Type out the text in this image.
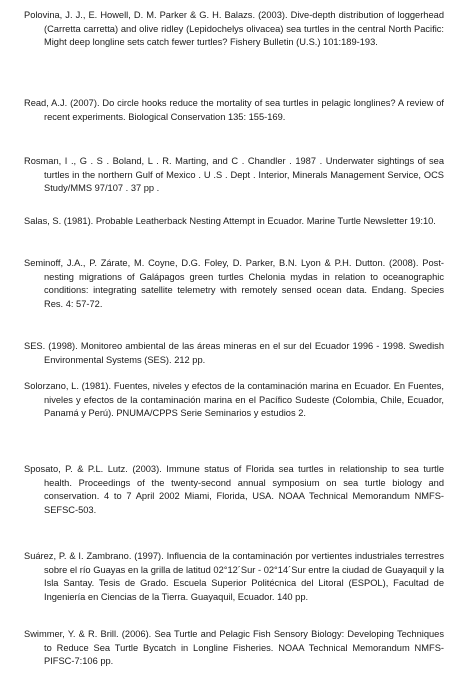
Polovina, J. J., E. Howell, D. M. Parker & G. H. Balazs. (2003). Dive-depth distribution of loggerhead (Carretta carretta) and olive ridley (Lepidochelys olivacea) sea turtles in the central North Pacific: Might deep longline sets catch fewer turtles? Fishery Bulletin (U.S.) 101:189-193.

Read, A.J. (2007). Do circle hooks reduce the mortality of sea turtles in pelagic longlines? A review of recent experiments. Biological Conservation 135: 155-169.

Rosman, I ., G . S . Boland, L . R. Marting, and C . Chandler . 1987 . Underwater sightings of sea turtles in the northern Gulf of Mexico . U .S . Dept . Interior, Minerals Management Service, OCS Study/MMS 97/107 . 37 pp .

Salas, S. (1981). Probable Leatherback Nesting Attempt in Ecuador. Marine Turtle Newsletter 19:10.

Seminoff, J.A., P. Zárate, M. Coyne, D.G. Foley, D. Parker, B.N. Lyon & P.H. Dutton. (2008). Post-nesting migrations of Galápagos green turtles Chelonia mydas in relation to oceanographic conditions: integrating satellite telemetry with remotely sensed ocean data. Endang. Species Res. 4: 57-72.

SES. (1998). Monitoreo ambiental de las áreas mineras en el sur del Ecuador 1996 - 1998. Swedish Environmental Systems (SES). 212 pp.

Solorzano, L. (1981). Fuentes, niveles y efectos de la contaminación marina en Ecuador. En Fuentes, niveles y efectos de la contaminación marina en el Pacífico Sudeste (Colombia, Chile, Ecuador, Panamá y Perú). PNUMA/CPPS Serie Seminarios y estudios 2.

Sposato, P. & P.L. Lutz. (2003). Immune status of Florida sea turtles in relationship to sea turtle health. Proceedings of the twenty-second annual symposium on sea turtle biology and conservation. 4 to 7 April 2002 Miami, Florida, USA. NOAA Technical Memorandum NMFS-SEFSC-503.

Suárez, P. & I. Zambrano. (1997). Influencia de la contaminación por vertientes industriales terrestres sobre el río Guayas en la grilla de latitud 02°12´Sur - 02°14´Sur entre la ciudad de Guayaquil y la Isla Santay. Tesis de Grado. Escuela Superior Politécnica del Litoral (ESPOL), Facultad de Ingeniería en Ciencias de la Tierra. Guayaquil, Ecuador. 140 pp.

Swimmer, Y. & R. Brill. (2006). Sea Turtle and Pelagic Fish Sensory Biology: Developing Techniques to Reduce Sea Turtle Bycatch in Longline Fisheries. NOAA Technical Memorandum NMFS-PIFSC-7:106 pp.
